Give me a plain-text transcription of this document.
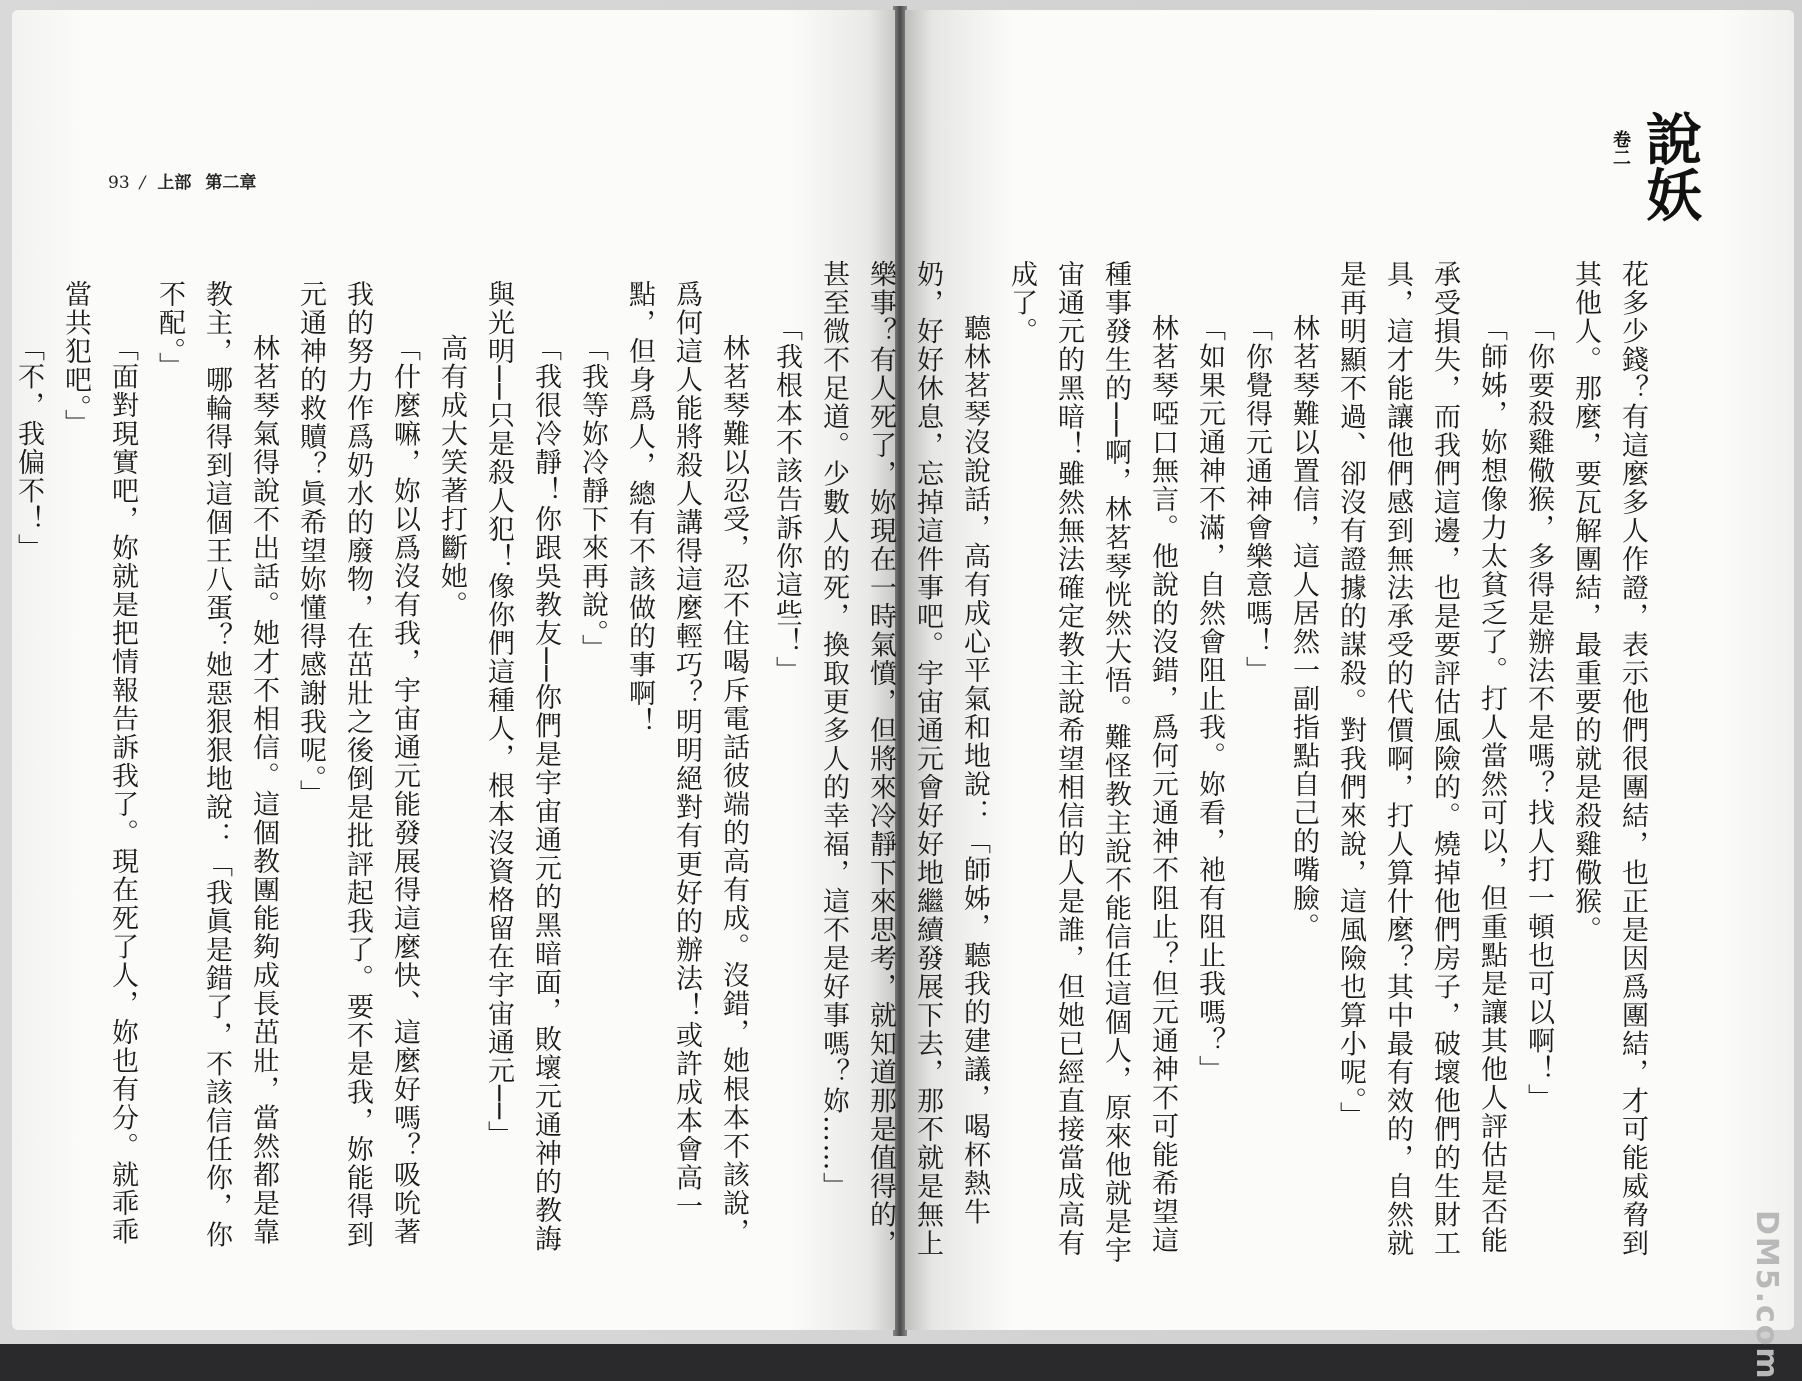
93 / 上部 第二章

林茗琴難以忍受，忍不住喝斥電話彼端的高有成。沒錯，她根本不該說，爲何這人能將殺人講得這麼輕巧？明明絕對有更好的辦法！或許成本會高一點，但身爲人，總有不該做的事啊！

「我等妳冷靜下來再說。」

「我很冷靜！你跟吳教友──你們是宇宙通元的黑暗面，敗壞元通神的教誨與光明──只是殺人犯！像你們這種人，根本沒資格留在宇宙通元──」

高有成大笑著打斷她。

「什麼嘛，妳以爲沒有我，宇宙通元能發展得這麼快、這麼好嗎？吸吮著我的努力作爲奶水的廢物，在茁壯之後倒是批評起我了。要不是我，妳能得到元通神的救贖？眞希望妳懂得感謝我呢。」

林茗琴氣得說不出話。她才不相信。這個教團能夠成長茁壯，當然都是靠教主，哪輪得到這個王八蛋？她惡狠狠地說：「我眞是錯了，不該信任你，你不配。」

「面對現實吧，妳就是把情報告訴我了。現在死了人，妳也有分。就乖乖當共犯吧。」

「不，我偏不！」

說妖
卷二

花多少錢？有這麼多人作證，表示他們很團結，也正是因爲團結，才可能威脅到其他人。那麼，要瓦解團結，最重要的就是殺雞儆猴。

「你要殺雞儆猴，多得是辦法不是嗎？找人打一頓也可以啊！」

「師姊，妳想像力太貧乏了。打人當然可以，但重點是讓其他人評估是否能承受損失，而我們這邊，也是要評估風險的。燒掉他們房子，破壞他們的生財工具，這才能讓他們感到無法承受的代價啊，打人算什麼？其中最有效的，自然就是再明顯不過、卻沒有證據的謀殺。對我們來說，這風險也算小呢。」

林茗琴難以置信，這人居然一副指點自己的嘴臉。

「你覺得元通神會樂意嗎！」

「如果元通神不滿，自然會阻止我。妳看，祂有阻止我嗎？」

林茗琴啞口無言。他說的沒錯，爲何元通神不阻止？但元通神不可能希望這種事發生的──啊，林茗琴恍然大悟。難怪教主說不能信任這個人，原來他就是宇宙通元的黑暗！雖然無法確定教主說希望相信的人是誰，但她已經直接當成高有成了。

聽林茗琴沒說話，高有成心平氣和地說：「師姊，聽我的建議，喝杯熱牛奶，好好休息，忘掉這件事吧。宇宙通元會好好地繼續發展下去，那不就是無上樂事？有人死了，妳現在一時氣憤，但將來冷靜下來思考，就知道那是值得的，甚至微不足道。少數人的死，換取更多人的幸福，這不是好事嗎？妳……」

「我根本不該告訴你這些！」

DM5.com
